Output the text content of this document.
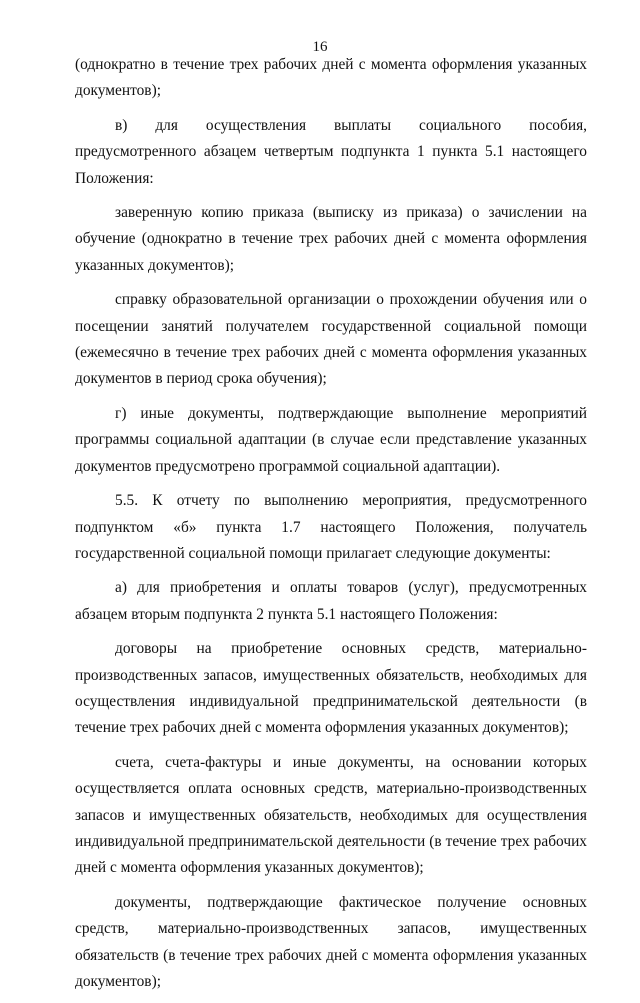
16

(однократно в течение трех рабочих дней с момента оформления указанных документов);

в) для осуществления выплаты социального пособия, предусмотренного абзацем четвертым подпункта 1 пункта 5.1 настоящего Положения:

заверенную копию приказа (выписку из приказа) о зачислении на обучение (однократно в течение трех рабочих дней с момента оформления указанных документов);

справку образовательной организации о прохождении обучения или о посещении занятий получателем государственной социальной помощи (ежемесячно в течение трех рабочих дней с момента оформления указанных документов в период срока обучения);

г) иные документы, подтверждающие выполнение мероприятий программы социальной адаптации (в случае если представление указанных документов предусмотрено программой социальной адаптации).

5.5. К отчету по выполнению мероприятия, предусмотренного подпунктом «б» пункта 1.7 настоящего Положения, получатель государственной социальной помощи прилагает следующие документы:

а) для приобретения и оплаты товаров (услуг), предусмотренных абзацем вторым подпункта 2 пункта 5.1 настоящего Положения:

договоры на приобретение основных средств, материально-производственных запасов, имущественных обязательств, необходимых для осуществления индивидуальной предпринимательской деятельности (в течение трех рабочих дней с момента оформления указанных документов);

счета, счета-фактуры и иные документы, на основании которых осуществляется оплата основных средств, материально-производственных запасов и имущественных обязательств, необходимых для осуществления индивидуальной предпринимательской деятельности (в течение трех рабочих дней с момента оформления указанных документов);

документы, подтверждающие фактическое получение основных средств, материально-производственных запасов, имущественных обязательств (в течение трех рабочих дней с момента оформления указанных документов);
